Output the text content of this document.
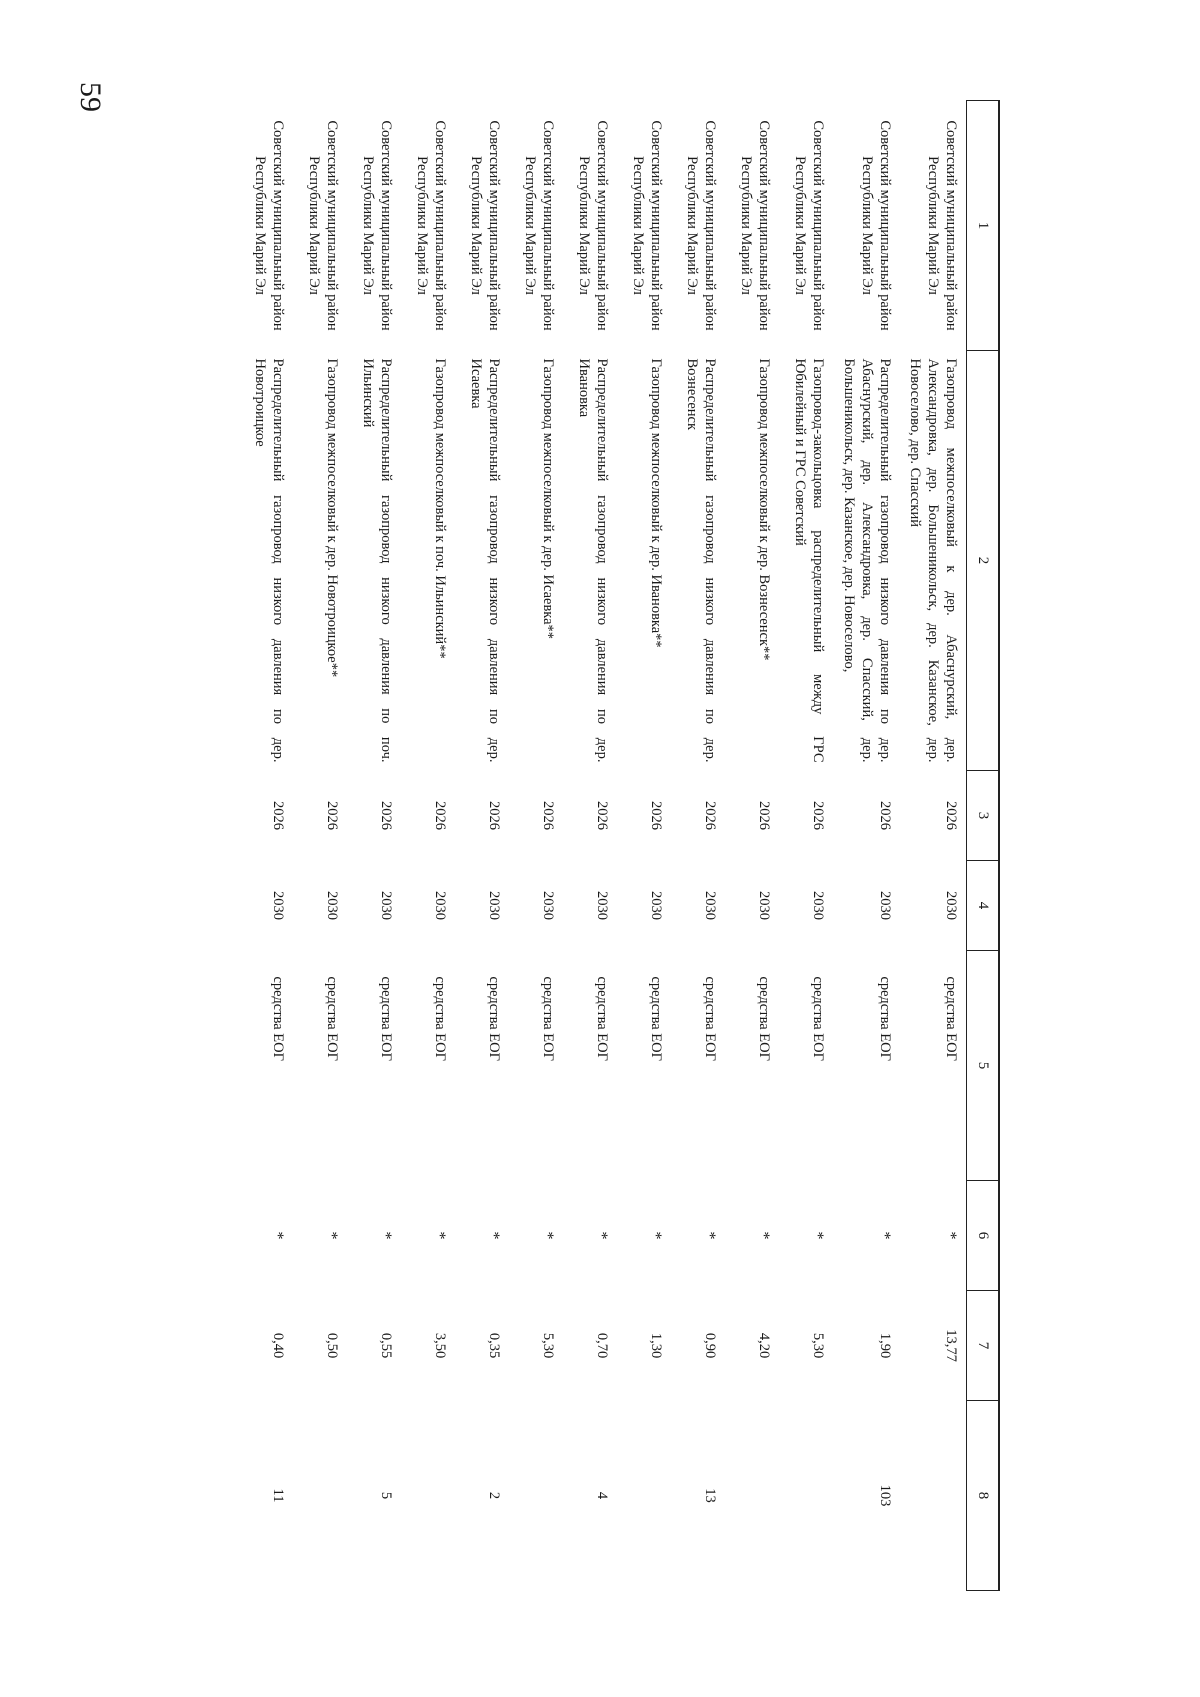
59
1	2	3	4	5	6	7	8
Советский муниципальный район Республики Марий Эл	Газопровод межпоселковый к дер. Абаснурский, дер. Александровка, дер. Большеникольск, дер. Казанское, дер. Новоселово, дер. Спасский	2026	2030	средства ЕОГ	*	13,77	
Советский муниципальный район Республики Марий Эл	Распределительный газопровод низкого давления по дер. Абаснурский, дер. Александровка, дер. Спасский, дер. Большеникольск, дер. Казанское, дер. Новоселово,	2026	2030	средства ЕОГ	*	1,90	103
Советский муниципальный район Республики Марий Эл	Газопровод-закольцовка распределительный между ГРС Юбилейный и ГРС Советский	2026	2030	средства ЕОГ	*	5,30	
Советский муниципальный район Республики Марий Эл	Газопровод межпоселковый к дер. Вознесенск**	2026	2030	средства ЕОГ	*	4,20	
Советский муниципальный район Республики Марий Эл	Распределительный газопровод низкого давления по дер. Вознесенск	2026	2030	средства ЕОГ	*	0,90	13
Советский муниципальный район Республики Марий Эл	Газопровод межпоселковый к дер. Ивановка**	2026	2030	средства ЕОГ	*	1,30	
Советский муниципальный район Республики Марий Эл	Распределительный газопровод низкого давления по дер. Ивановка	2026	2030	средства ЕОГ	*	0,70	4
Советский муниципальный район Республики Марий Эл	Газопровод межпоселковый к дер. Исаевка**	2026	2030	средства ЕОГ	*	5,30	
Советский муниципальный район Республики Марий Эл	Распределительный газопровод низкого давления по дер. Исаевка	2026	2030	средства ЕОГ	*	0,35	2
Советский муниципальный район Республики Марий Эл	Газопровод межпоселковый к поч. Ильинский**	2026	2030	средства ЕОГ	*	3,50	
Советский муниципальный район Республики Марий Эл	Распределительный газопровод низкого давления по поч. Ильинский	2026	2030	средства ЕОГ	*	0,55	5
Советский муниципальный район Республики Марий Эл	Газопровод межпоселковый к дер. Новотроицкое**	2026	2030	средства ЕОГ	*	0,50	
Советский муниципальный район Республики Марий Эл	Распределительный газопровод низкого давления по дер. Новотроицкое	2026	2030	средства ЕОГ	*	0,40	11
